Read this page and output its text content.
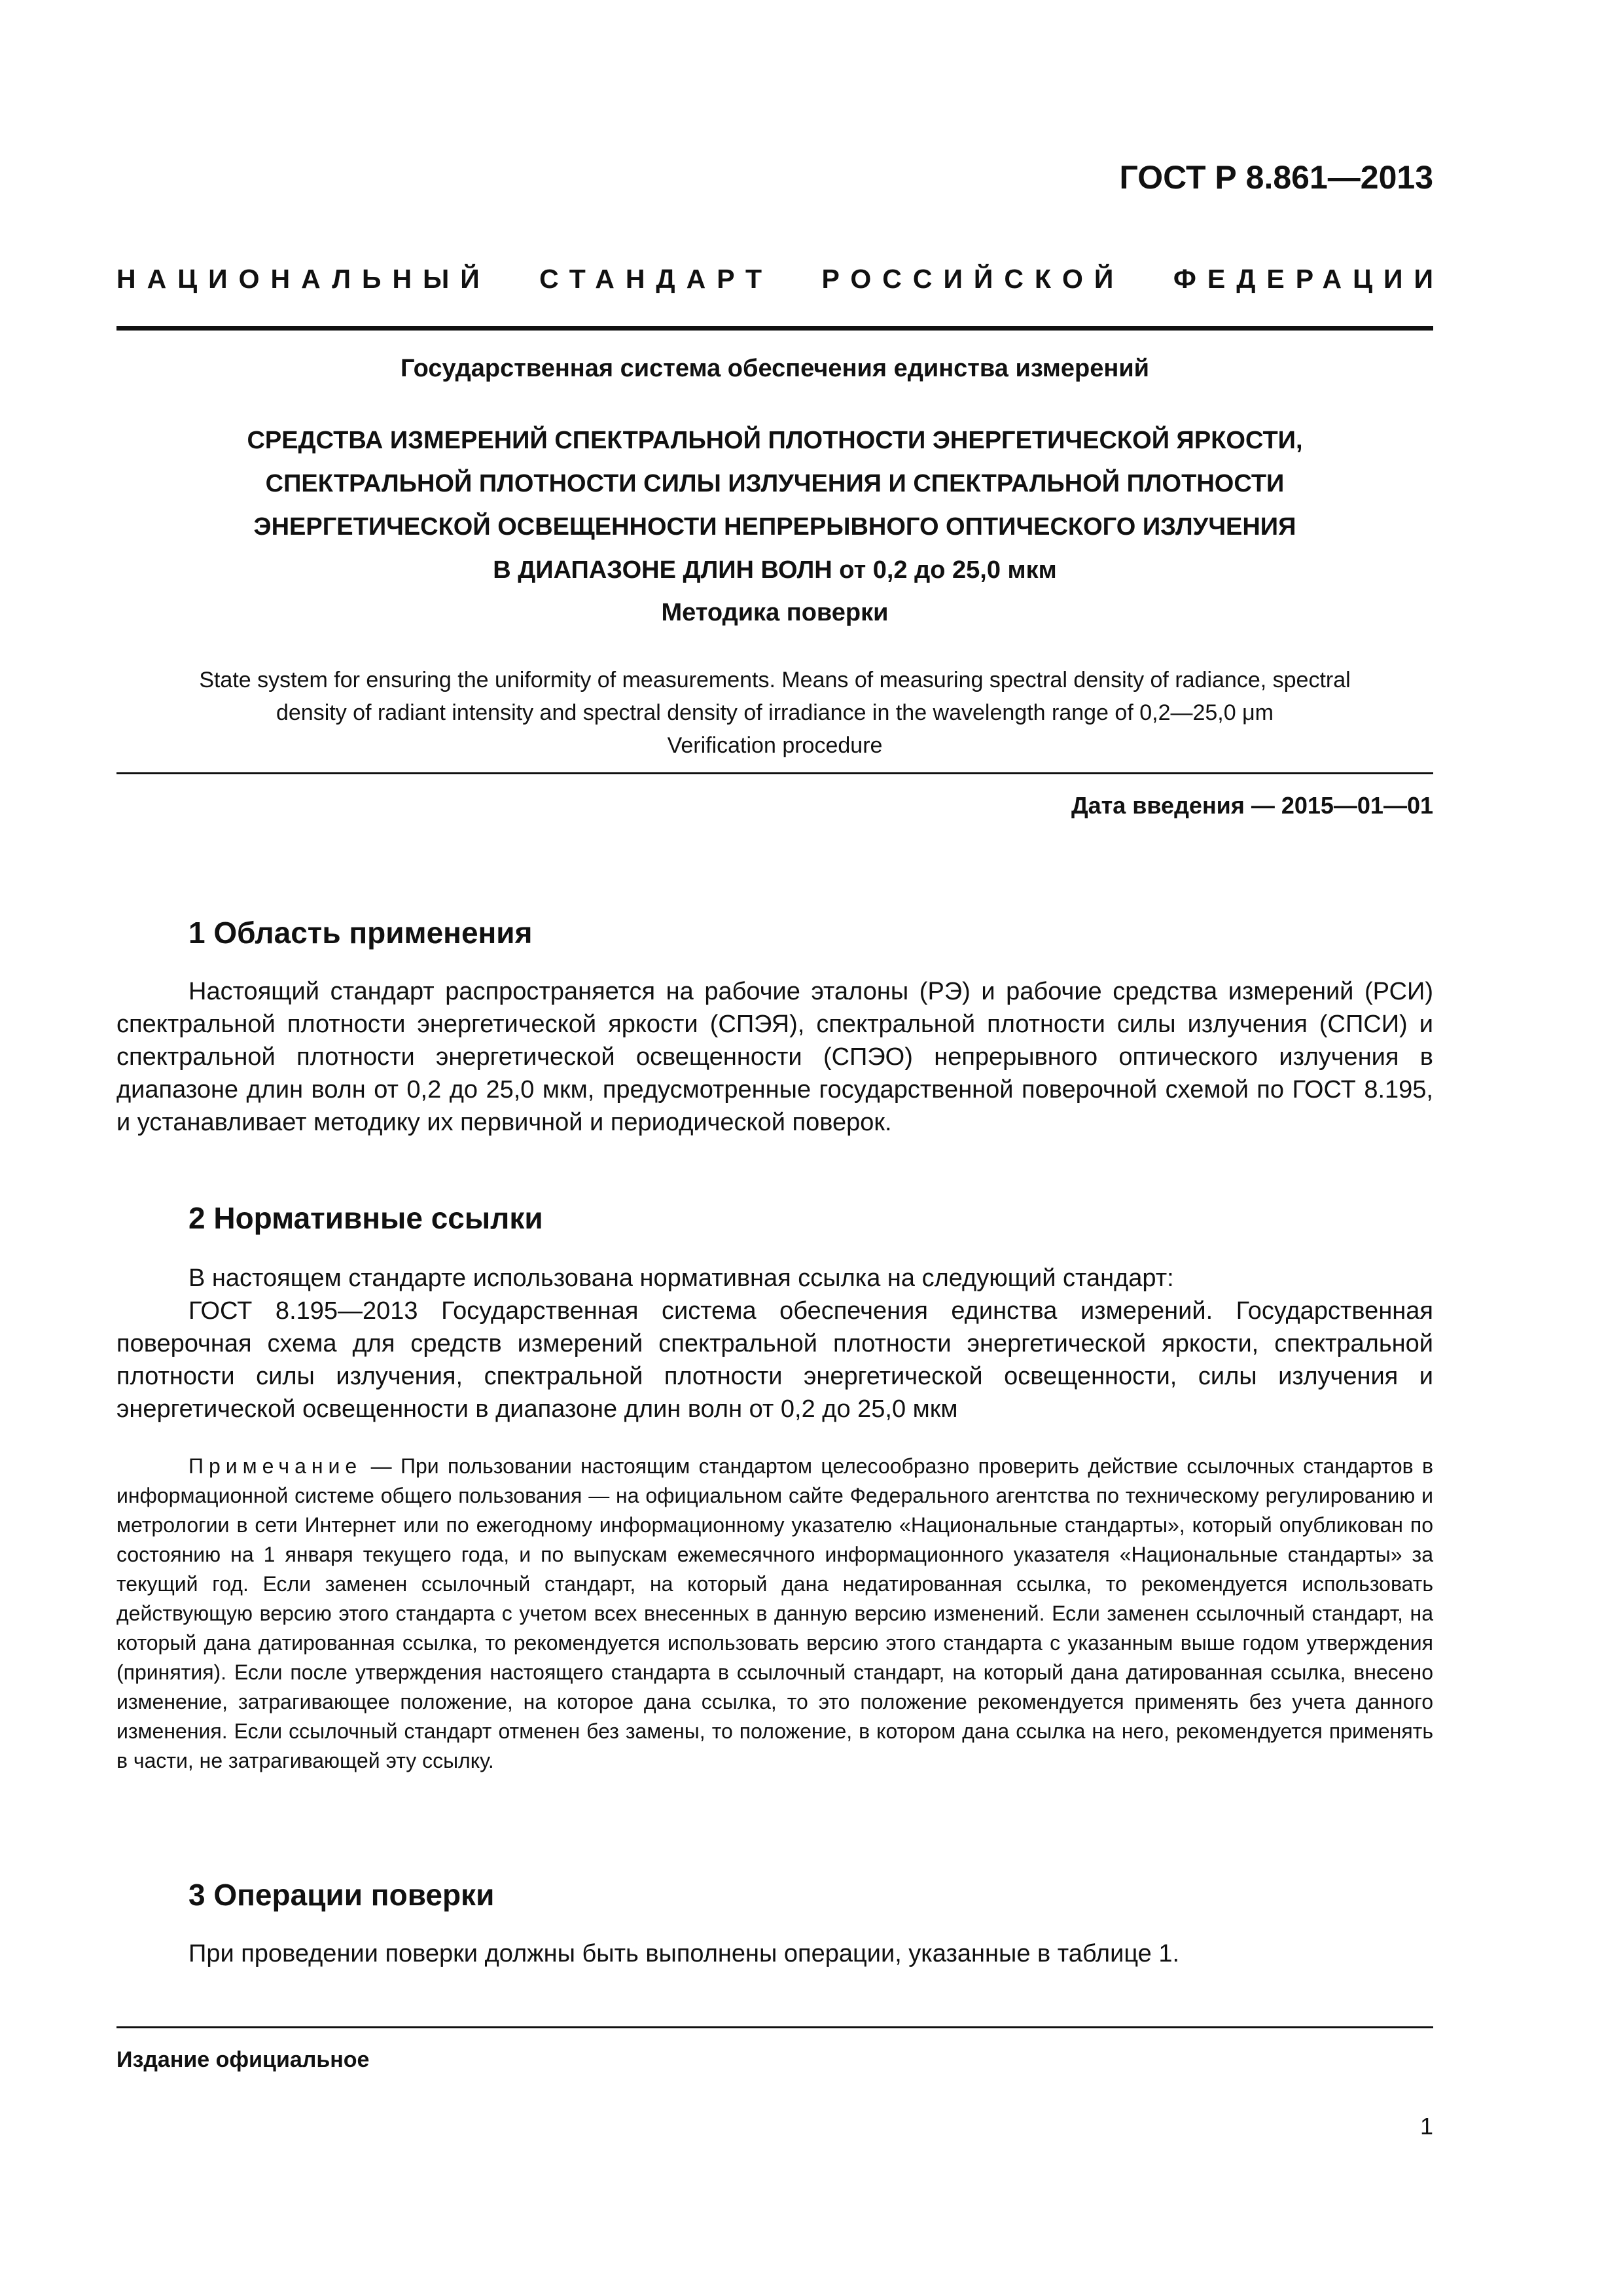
ГОСТ Р 8.861—2013
НАЦИОНАЛЬНЫЙ СТАНДАРТ РОССИЙСКОЙ ФЕДЕРАЦИИ
Государственная система обеспечения единства измерений
СРЕДСТВА ИЗМЕРЕНИЙ СПЕКТРАЛЬНОЙ ПЛОТНОСТИ ЭНЕРГЕТИЧЕСКОЙ ЯРКОСТИ,
СПЕКТРАЛЬНОЙ ПЛОТНОСТИ СИЛЫ ИЗЛУЧЕНИЯ И СПЕКТРАЛЬНОЙ ПЛОТНОСТИ
ЭНЕРГЕТИЧЕСКОЙ ОСВЕЩЕННОСТИ НЕПРЕРЫВНОГО ОПТИЧЕСКОГО ИЗЛУЧЕНИЯ
В ДИАПАЗОНЕ ДЛИН ВОЛН от 0,2 до 25,0 мкм
Методика поверки
State system for ensuring the uniformity of measurements. Means of measuring spectral density of radiance, spectral
density of radiant intensity and spectral density of irradiance in the wavelength range of 0,2—25,0 μm
Verification procedure
Дата введения — 2015—01—01
1 Область применения

Настоящий стандарт распространяется на рабочие эталоны (РЭ) и рабочие средства измерений (РСИ) спектральной плотности энергетической яркости (СПЭЯ), спектральной плотности силы излучения (СПСИ) и спектральной плотности энергетической освещенности (СПЭО) непрерывного оптического излучения в диапазоне длин волн от 0,2 до 25,0 мкм, предусмотренные государственной поверочной схемой по ГОСТ 8.195, и устанавливает методику их первичной и периодической поверок.

2 Нормативные ссылки

В настоящем стандарте использована нормативная ссылка на следующий стандарт:

ГОСТ 8.195—2013 Государственная система обеспечения единства измерений. Государственная поверочная схема для средств измерений спектральной плотности энергетической яркости, спектральной плотности силы излучения, спектральной плотности энергетической освещенности, силы излучения и энергетической освещенности в диапазоне длин волн от 0,2 до 25,0 мкм

Примечание — При пользовании настоящим стандартом целесообразно проверить действие ссылочных стандартов в информационной системе общего пользования — на официальном сайте Федерального агентства по техническому регулированию и метрологии в сети Интернет или по ежегодному информационному указателю «Национальные стандарты», который опубликован по состоянию на 1 января текущего года, и по выпускам ежемесячного информационного указателя «Национальные стандарты» за текущий год. Если заменен ссылочный стандарт, на который дана недатированная ссылка, то рекомендуется использовать действующую версию этого стандарта с учетом всех внесенных в данную версию изменений. Если заменен ссылочный стандарт, на который дана датированная ссылка, то рекомендуется использовать версию этого стандарта с указанным выше годом утверждения (принятия). Если после утверждения настоящего стандарта в ссылочный стандарт, на который дана датированная ссылка, внесено изменение, затрагивающее положение, на которое дана ссылка, то это положение рекомендуется применять без учета данного изменения. Если ссылочный стандарт отменен без замены, то положение, в котором дана ссылка на него, рекомендуется применять в части, не затрагивающей эту ссылку.

3 Операции поверки

При проведении поверки должны быть выполнены операции, указанные в таблице 1.

Издание официальное
1
